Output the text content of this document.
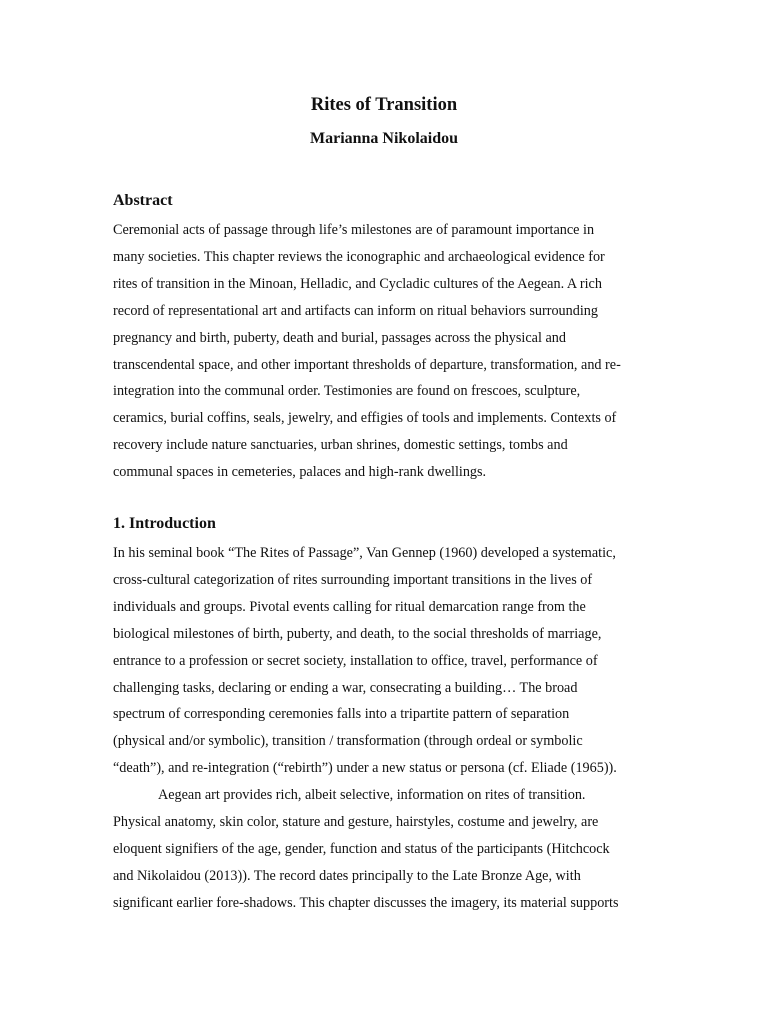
Rites of Transition
Marianna Nikolaidou
Abstract
Ceremonial acts of passage through life’s milestones are of paramount importance in
many societies. This chapter reviews the iconographic and archaeological evidence for
rites of transition in the Minoan, Helladic, and Cycladic cultures of the Aegean. A rich
record of representational art and artifacts can inform on ritual behaviors surrounding
pregnancy and birth, puberty, death and burial, passages across the physical and
transcendental space, and other important thresholds of departure, transformation, and re-
integration into the communal order. Testimonies are found on frescoes, sculpture,
ceramics, burial coffins, seals, jewelry, and effigies of tools and implements. Contexts of
recovery include nature sanctuaries, urban shrines, domestic settings, tombs and
communal spaces in cemeteries, palaces and high-rank dwellings.
1. Introduction
In his seminal book “The Rites of Passage”, Van Gennep (1960) developed a systematic,
cross-cultural categorization of rites surrounding important transitions in the lives of
individuals and groups. Pivotal events calling for ritual demarcation range from the
biological milestones of birth, puberty, and death, to the social thresholds of marriage,
entrance to a profession or secret society, installation to office, travel, performance of
challenging tasks, declaring or ending a war, consecrating a building… The broad
spectrum of corresponding ceremonies falls into a tripartite pattern of separation
(physical and/or symbolic), transition / transformation (through ordeal or symbolic
“death”), and re-integration (“rebirth”) under a new status or persona (cf. Eliade (1965)).
Aegean art provides rich, albeit selective, information on rites of transition.
Physical anatomy, skin color, stature and gesture, hairstyles, costume and jewelry, are
eloquent signifiers of the age, gender, function and status of the participants (Hitchcock
and Nikolaidou (2013)). The record dates principally to the Late Bronze Age, with
significant earlier fore-shadows. This chapter discusses the imagery, its material supports
